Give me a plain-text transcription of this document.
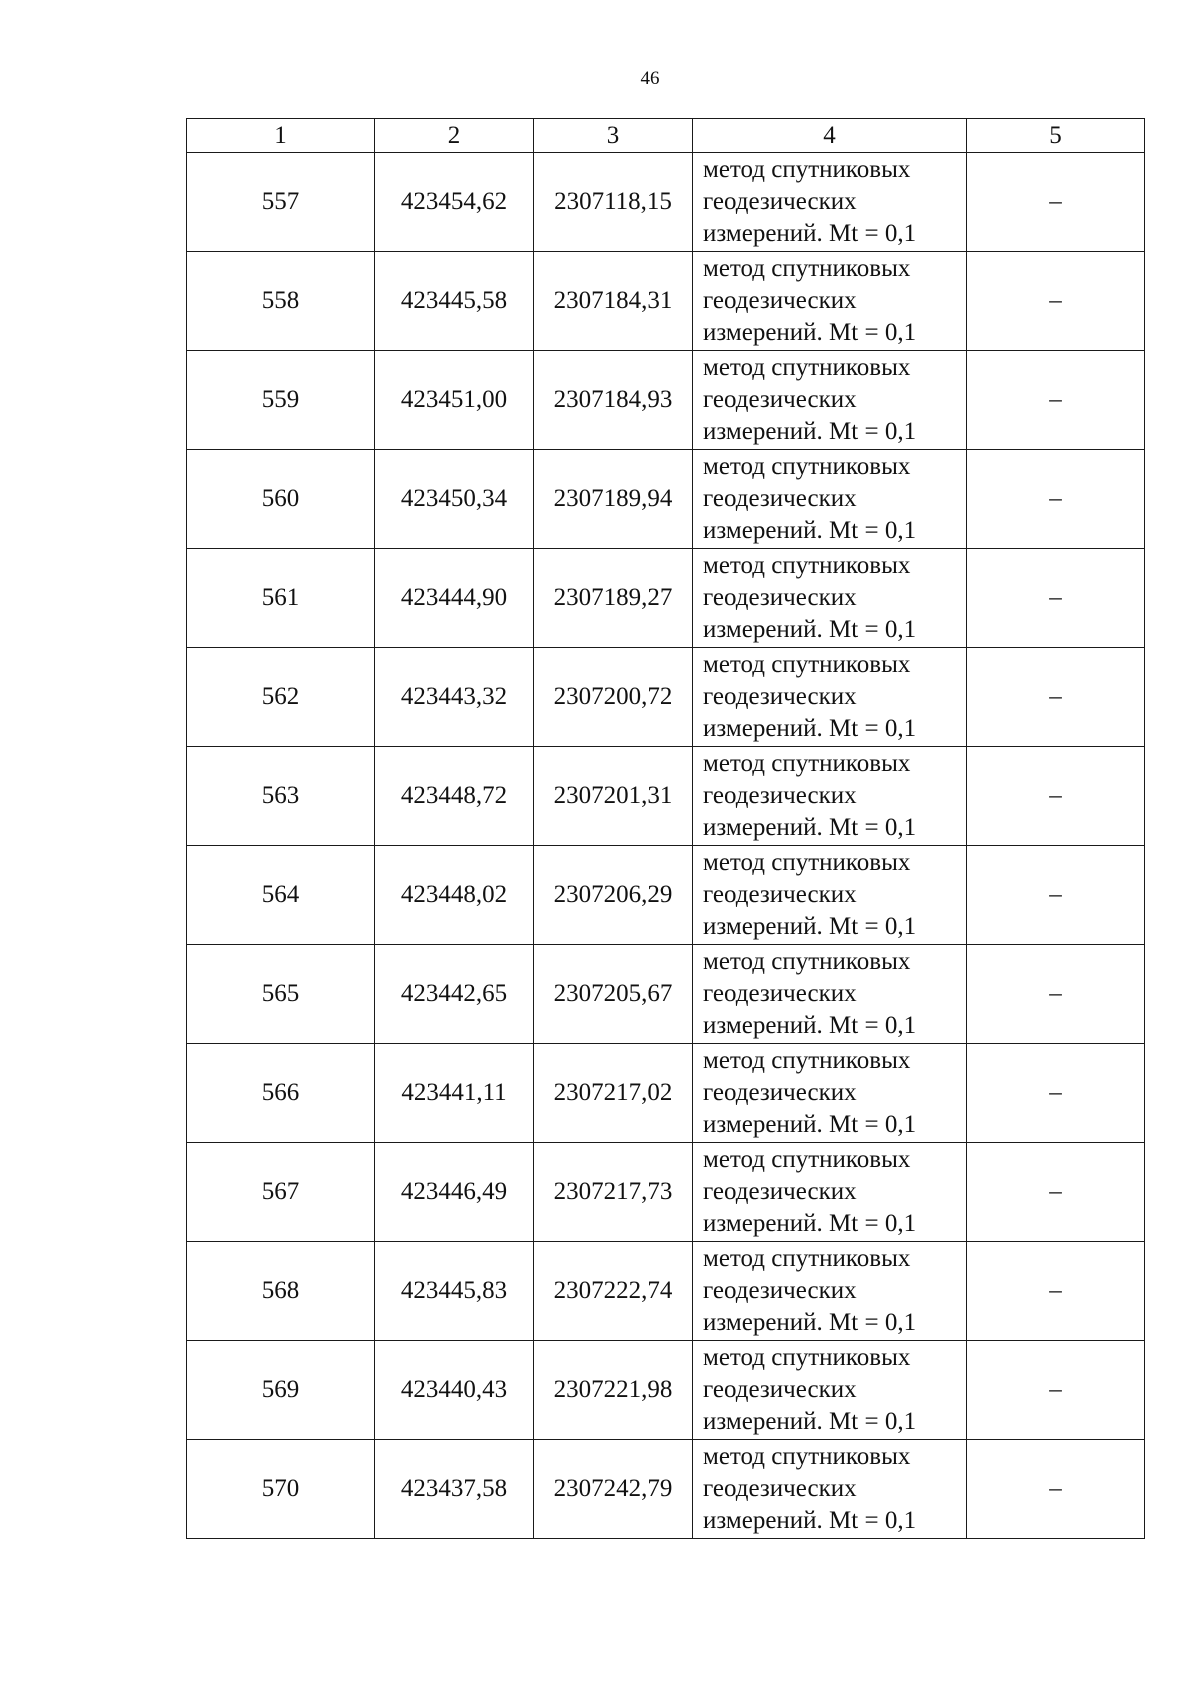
46
1	2	3	4	5
557	423454,62	2307118,15	метод спутниковых
геодезических
измерений. Mt = 0,1	–
558	423445,58	2307184,31	метод спутниковых
геодезических
измерений. Mt = 0,1	–
559	423451,00	2307184,93	метод спутниковых
геодезических
измерений. Mt = 0,1	–
560	423450,34	2307189,94	метод спутниковых
геодезических
измерений. Mt = 0,1	–
561	423444,90	2307189,27	метод спутниковых
геодезических
измерений. Mt = 0,1	–
562	423443,32	2307200,72	метод спутниковых
геодезических
измерений. Mt = 0,1	–
563	423448,72	2307201,31	метод спутниковых
геодезических
измерений. Mt = 0,1	–
564	423448,02	2307206,29	метод спутниковых
геодезических
измерений. Mt = 0,1	–
565	423442,65	2307205,67	метод спутниковых
геодезических
измерений. Mt = 0,1	–
566	423441,11	2307217,02	метод спутниковых
геодезических
измерений. Mt = 0,1	–
567	423446,49	2307217,73	метод спутниковых
геодезических
измерений. Mt = 0,1	–
568	423445,83	2307222,74	метод спутниковых
геодезических
измерений. Mt = 0,1	–
569	423440,43	2307221,98	метод спутниковых
геодезических
измерений. Mt = 0,1	–
570	423437,58	2307242,79	метод спутниковых
геодезических
измерений. Mt = 0,1	–
